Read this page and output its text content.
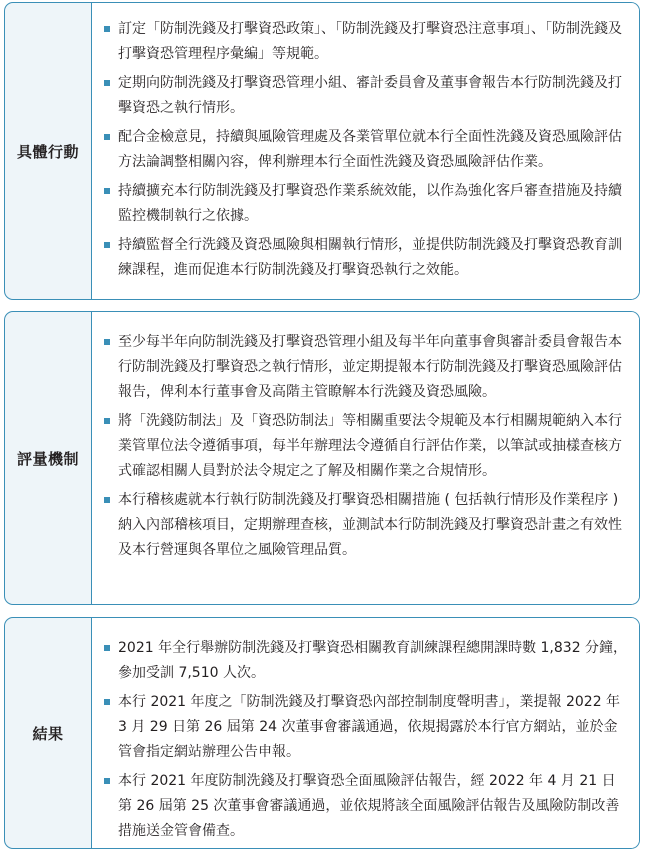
具體行動
訂定「防制洗錢及打擊資恐政策」、「防制洗錢及打擊資恐注意事項」、「防制洗錢及打擊資恐管理程序彙編」等規範。
定期向防制洗錢及打擊資恐管理小組、審計委員會及董事會報告本行防制洗錢及打擊資恐之執行情形。
配合金檢意見，持續與風險管理處及各業管單位就本行全面性洗錢及資恐風險評估方法論調整相關內容，俾利辦理本行全面性洗錢及資恐風險評估作業。
持續擴充本行防制洗錢及打擊資恐作業系統效能，以作為強化客戶審查措施及持續監控機制執行之依據。
持續監督全行洗錢及資恐風險與相關執行情形，並提供防制洗錢及打擊資恐教育訓練課程，進而促進本行防制洗錢及打擊資恐執行之效能。
評量機制
至少每半年向防制洗錢及打擊資恐管理小組及每半年向董事會與審計委員會報告本行防制洗錢及打擊資恐之執行情形，並定期提報本行防制洗錢及打擊資恐風險評估報告，俾利本行董事會及高階主管瞭解本行洗錢及資恐風險。
將「洗錢防制法」及「資恐防制法」等相關重要法令規範及本行相關規範納入本行業管單位法令遵循事項，每半年辦理法令遵循自行評估作業，以筆試或抽樣查核方式確認相關人員對於法令規定之了解及相關作業之合規情形。
本行稽核處就本行執行防制洗錢及打擊資恐相關措施 ( 包括執行情形及作業程序 ) 納入內部稽核項目，定期辦理查核，並測試本行防制洗錢及打擊資恐計畫之有效性及本行營運與各單位之風險管理品質。
結果
2021 年全行舉辦防制洗錢及打擊資恐相關教育訓練課程總開課時數 1,832 分鐘，參加受訓 7,510 人次。
本行 2021 年度之「防制洗錢及打擊資恐內部控制制度聲明書」，業提報 2022 年 3 月 29 日第 26 屆第 24 次董事會審議通過，依規揭露於本行官方網站，並於金管會指定網站辦理公告申報。
本行 2021 年度防制洗錢及打擊資恐全面風險評估報告，經 2022 年 4 月 21 日第 26 屆第 25 次董事會審議通過，並依規將該全面風險評估報告及風險防制改善措施送金管會備查。
